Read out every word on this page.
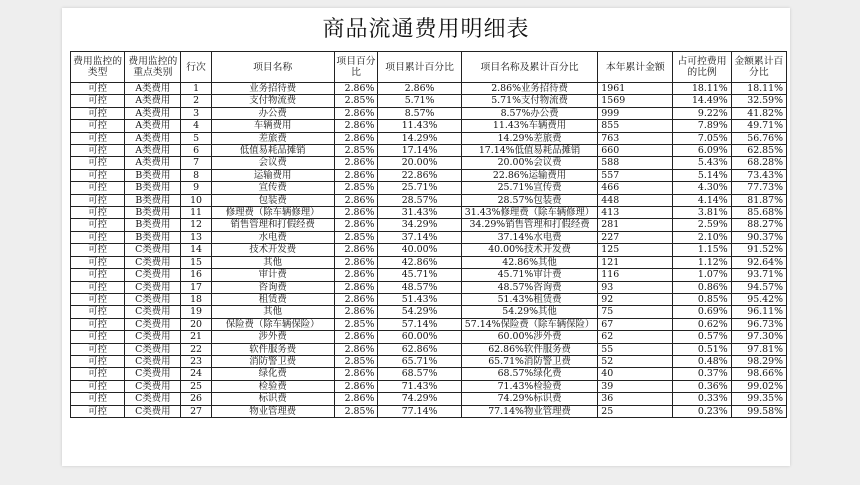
商品流通费用明细表
费用监控的类型	费用监控的重点类别	行次	项目名称	项目百分比	项目累计百分比	项目名称及累计百分比	本年累计金额	占可控费用的比例	金额累计百分比
可控	A类费用	1	业务招待费	2.86%	2.86%	2.86%业务招待费	1961	18.11%	18.11%
可控	A类费用	2	支付物流费	2.85%	5.71%	5.71%支付物流费	1569	14.49%	32.59%
可控	A类费用	3	办公费	2.86%	8.57%	8.57%办公费	999	9.22%	41.82%
可控	A类费用	4	车辆费用	2.86%	11.43%	11.43%车辆费用	855	7.89%	49.71%
可控	A类费用	5	差旅费	2.86%	14.29%	14.29%差旅费	763	7.05%	56.76%
可控	A类费用	6	低值易耗品摊销	2.85%	17.14%	17.14%低值易耗品摊销	660	6.09%	62.85%
可控	A类费用	7	会议费	2.86%	20.00%	20.00%会议费	588	5.43%	68.28%
可控	B类费用	8	运输费用	2.86%	22.86%	22.86%运输费用	557	5.14%	73.43%
可控	B类费用	9	宣传费	2.85%	25.71%	25.71%宣传费	466	4.30%	77.73%
可控	B类费用	10	包装费	2.86%	28.57%	28.57%包装费	448	4.14%	81.87%
可控	B类费用	11	修理费（除车辆修理）	2.86%	31.43%	31.43%修理费（除车辆修理）	413	3.81%	85.68%
可控	B类费用	12	销售管理和打假经费	2.86%	34.29%	34.29%销售管理和打假经费	281	2.59%	88.27%
可控	B类费用	13	水电费	2.85%	37.14%	37.14%水电费	227	2.10%	90.37%
可控	C类费用	14	技术开发费	2.86%	40.00%	40.00%技术开发费	125	1.15%	91.52%
可控	C类费用	15	其他	2.86%	42.86%	42.86%其他	121	1.12%	92.64%
可控	C类费用	16	审计费	2.86%	45.71%	45.71%审计费	116	1.07%	93.71%
可控	C类费用	17	咨询费	2.86%	48.57%	48.57%咨询费	93	0.86%	94.57%
可控	C类费用	18	租赁费	2.86%	51.43%	51.43%租赁费	92	0.85%	95.42%
可控	C类费用	19	其他	2.86%	54.29%	54.29%其他	75	0.69%	96.11%
可控	C类费用	20	保险费（除车辆保险）	2.85%	57.14%	57.14%保险费（除车辆保险）	67	0.62%	96.73%
可控	C类费用	21	涉外费	2.86%	60.00%	60.00%涉外费	62	0.57%	97.30%
可控	C类费用	22	软件服务费	2.86%	62.86%	62.86%软件服务费	55	0.51%	97.81%
可控	C类费用	23	消防警卫费	2.85%	65.71%	65.71%消防警卫费	52	0.48%	98.29%
可控	C类费用	24	绿化费	2.86%	68.57%	68.57%绿化费	40	0.37%	98.66%
可控	C类费用	25	检验费	2.86%	71.43%	71.43%检验费	39	0.36%	99.02%
可控	C类费用	26	标识费	2.86%	74.29%	74.29%标识费	36	0.33%	99.35%
可控	C类费用	27	物业管理费	2.85%	77.14%	77.14%物业管理费	25	0.23%	99.58%
